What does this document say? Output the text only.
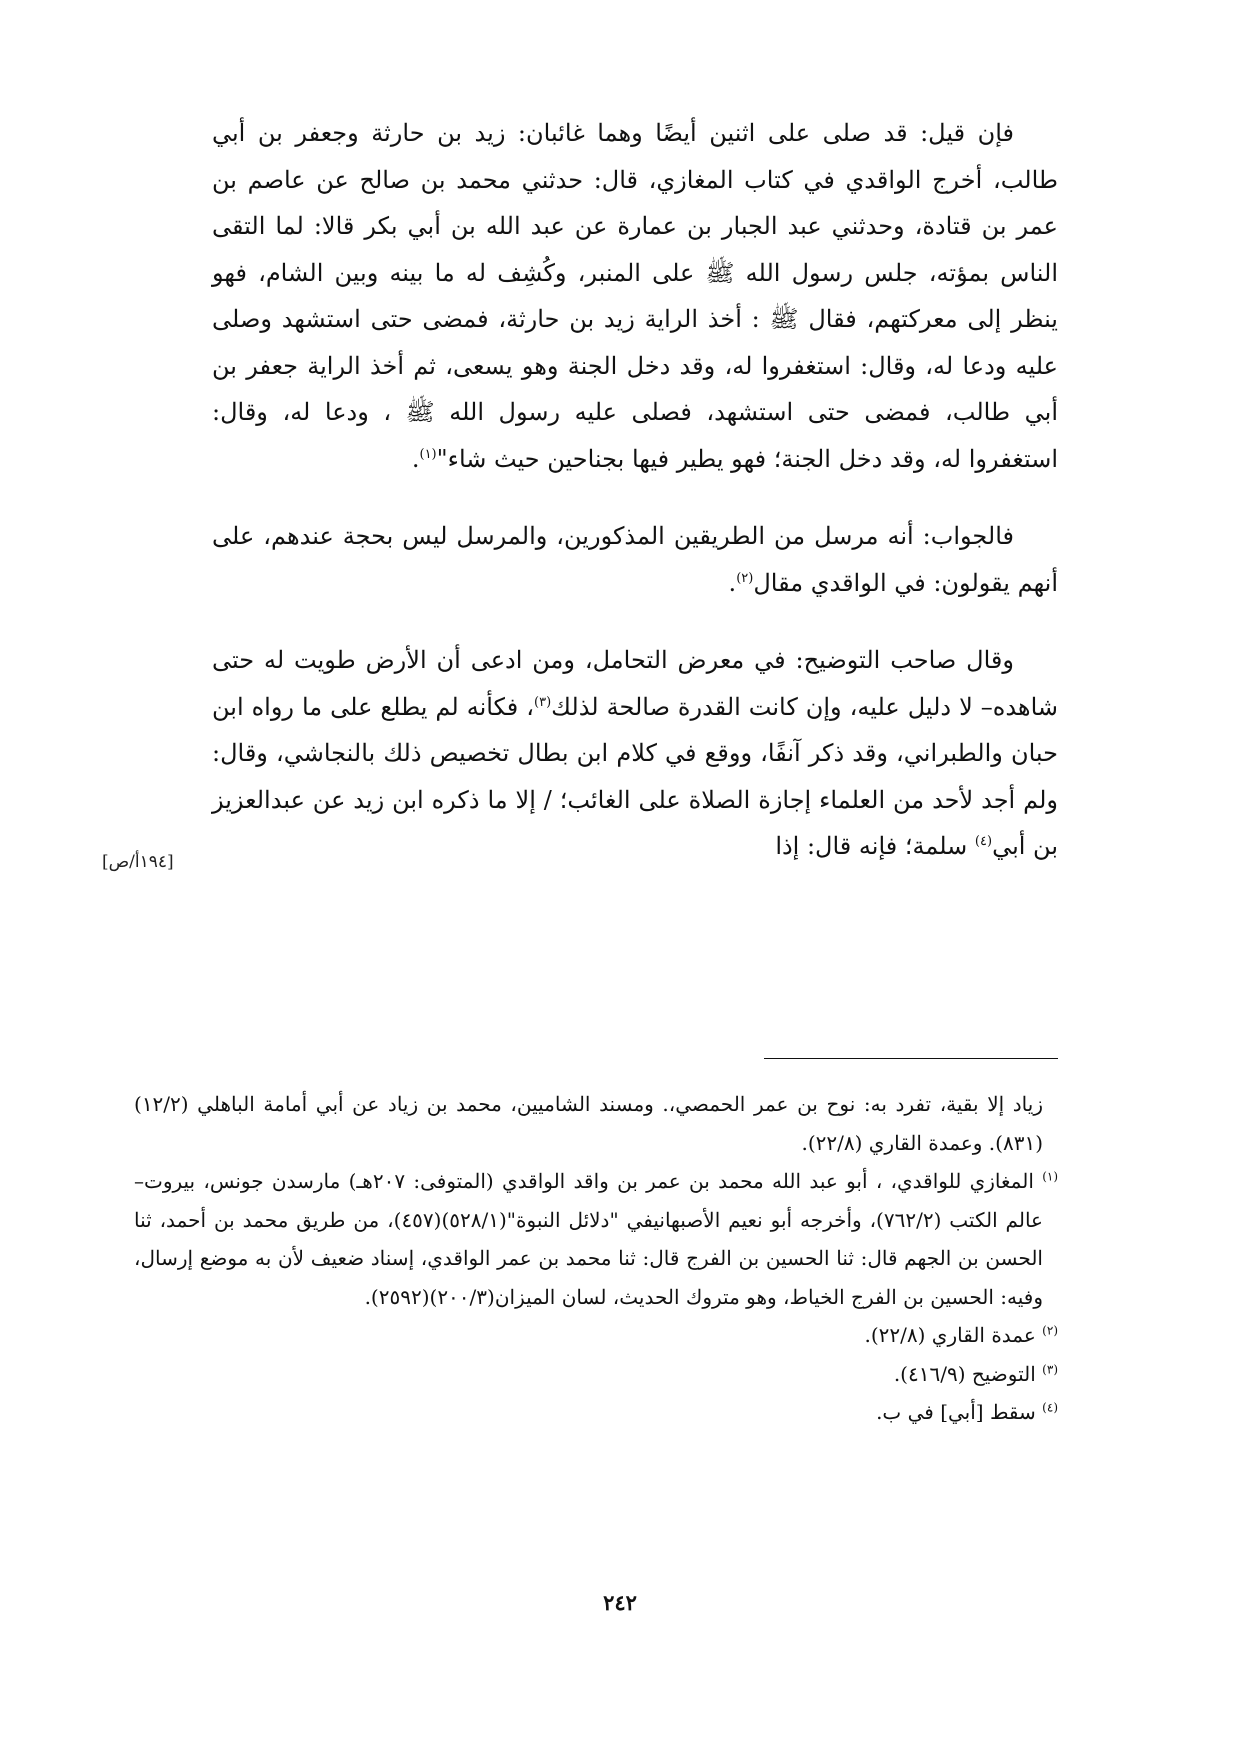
فإن قيل: قد صلى على اثنين أيضًا وهما غائبان: زيد بن حارثة وجعفر بن أبي طالب، أخرج الواقدي في كتاب المغازي، قال: حدثني محمد بن صالح عن عاصم بن عمر بن قتادة، وحدثني عبد الجبار بن عمارة عن عبد الله بن أبي بكر قالا: لما التقى الناس بمؤته، جلس رسول الله ﷺ على المنبر، وكُشِف له ما بينه وبين الشام، فهو ينظر إلى معركتهم، فقال ﷺ : أخذ الراية زيد بن حارثة، فمضى حتى استشهد وصلى عليه ودعا له، وقال: استغفروا له، وقد دخل الجنة وهو يسعى، ثم أخذ الراية جعفر بن أبي طالب، فمضى حتى استشهد، فصلى عليه رسول الله ﷺ ، ودعا له، وقال: استغفروا له، وقد دخل الجنة؛ فهو يطير فيها بجناحين حيث شاء"$^{(١)}$.

فالجواب: أنه مرسل من الطريقين المذكورين، والمرسل ليس بحجة عندهم، على أنهم يقولون: في الواقدي مقال$^{(٢)}$.

وقال صاحب التوضيح: في معرض التحامل، ومن ادعى أن الأرض طويت له حتى شاهده– لا دليل عليه، وإن كانت القدرة صالحة لذلك$^{(٣)}$، فكأنه لم يطلع على ما رواه ابن حبان والطبراني، وقد ذكر آنفًا، ووقع في كلام ابن بطال تخصيص ذلك بالنجاشي، وقال: ولم أجد لأحد من العلماء إجازة الصلاة على الغائب؛ / إلا ما ذكره ابن زيد عن عبدالعزيز بن أبي$^{(٤)}$ سلمة؛ فإنه قال: إذا

[١٩٤أ/ص]

زياد إلا بقية، تفرد به: نوح بن عمر الحمصي،. ومسند الشاميين، محمد بن زياد عن أبي أمامة الباهلي (١٢/٢) (٨٣١). وعمدة القاري (٢٢/٨).

$^{(١)}$ المغازي للواقدي، ، أبو عبد الله محمد بن عمر بن واقد الواقدي (المتوفى: ٢٠٧هـ) مارسدن جونس، بيروت– عالم الكتب (٧٦٢/٢)، وأخرجه أبو نعيم الأصبهانيفي "دلائل النبوة"(٥٢٨/١)(٤٥٧)، من طريق محمد بن أحمد، ثنا الحسن بن الجهم قال: ثنا الحسين بن الفرج قال: ثنا محمد بن عمر الواقدي، إسناد ضعيف لأن به موضع إرسال، وفيه: الحسين بن الفرج الخياط، وهو متروك الحديث، لسان الميزان(٢٠٠/٣)(٢٥٩٢).

$^{(٢)}$ عمدة القاري (٢٢/٨).

$^{(٣)}$ التوضيح (٤١٦/٩).

$^{(٤)}$ سقط [أبي] في ب.

٢٤٢
